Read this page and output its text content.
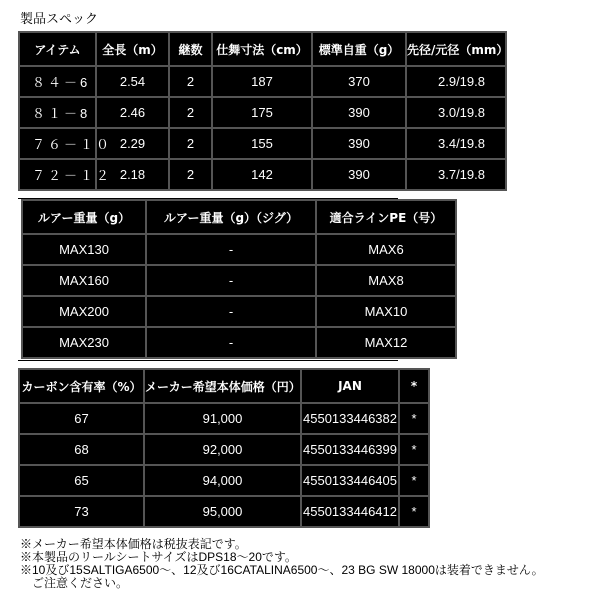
製品スペック
アイテム	全長（m）	継数	仕舞寸法（cm）	標準自重（g）	先径/元径（mm）
８４－6	2.54	2	187	370	2.9/19.8
８１－8	2.46	2	175	390	3.0/19.8
７６－１０	2.29	2	155	390	3.4/19.8
７２－１２	2.18	2	142	390	3.7/19.8
ルアー重量（g）	ルアー重量（g）（ジグ）	適合ラインPE（号）
MAX130	-	MAX6
MAX160	-	MAX8
MAX200	-	MAX10
MAX230	-	MAX12
カーボン含有率（%）	メーカー希望本体価格（円）	JAN	*
67	91,000	4550133446382	*
68	92,000	4550133446399	*
65	94,000	4550133446405	*
73	95,000	4550133446412	*
※メーカー希望本体価格は税抜表記です。
※本製品のリールシートサイズはDPS18～20です。
※10及び15SALTIGA6500～、12及び16CATALINA6500～、23 BG SW 18000は装着できません。
　ご注意ください。
